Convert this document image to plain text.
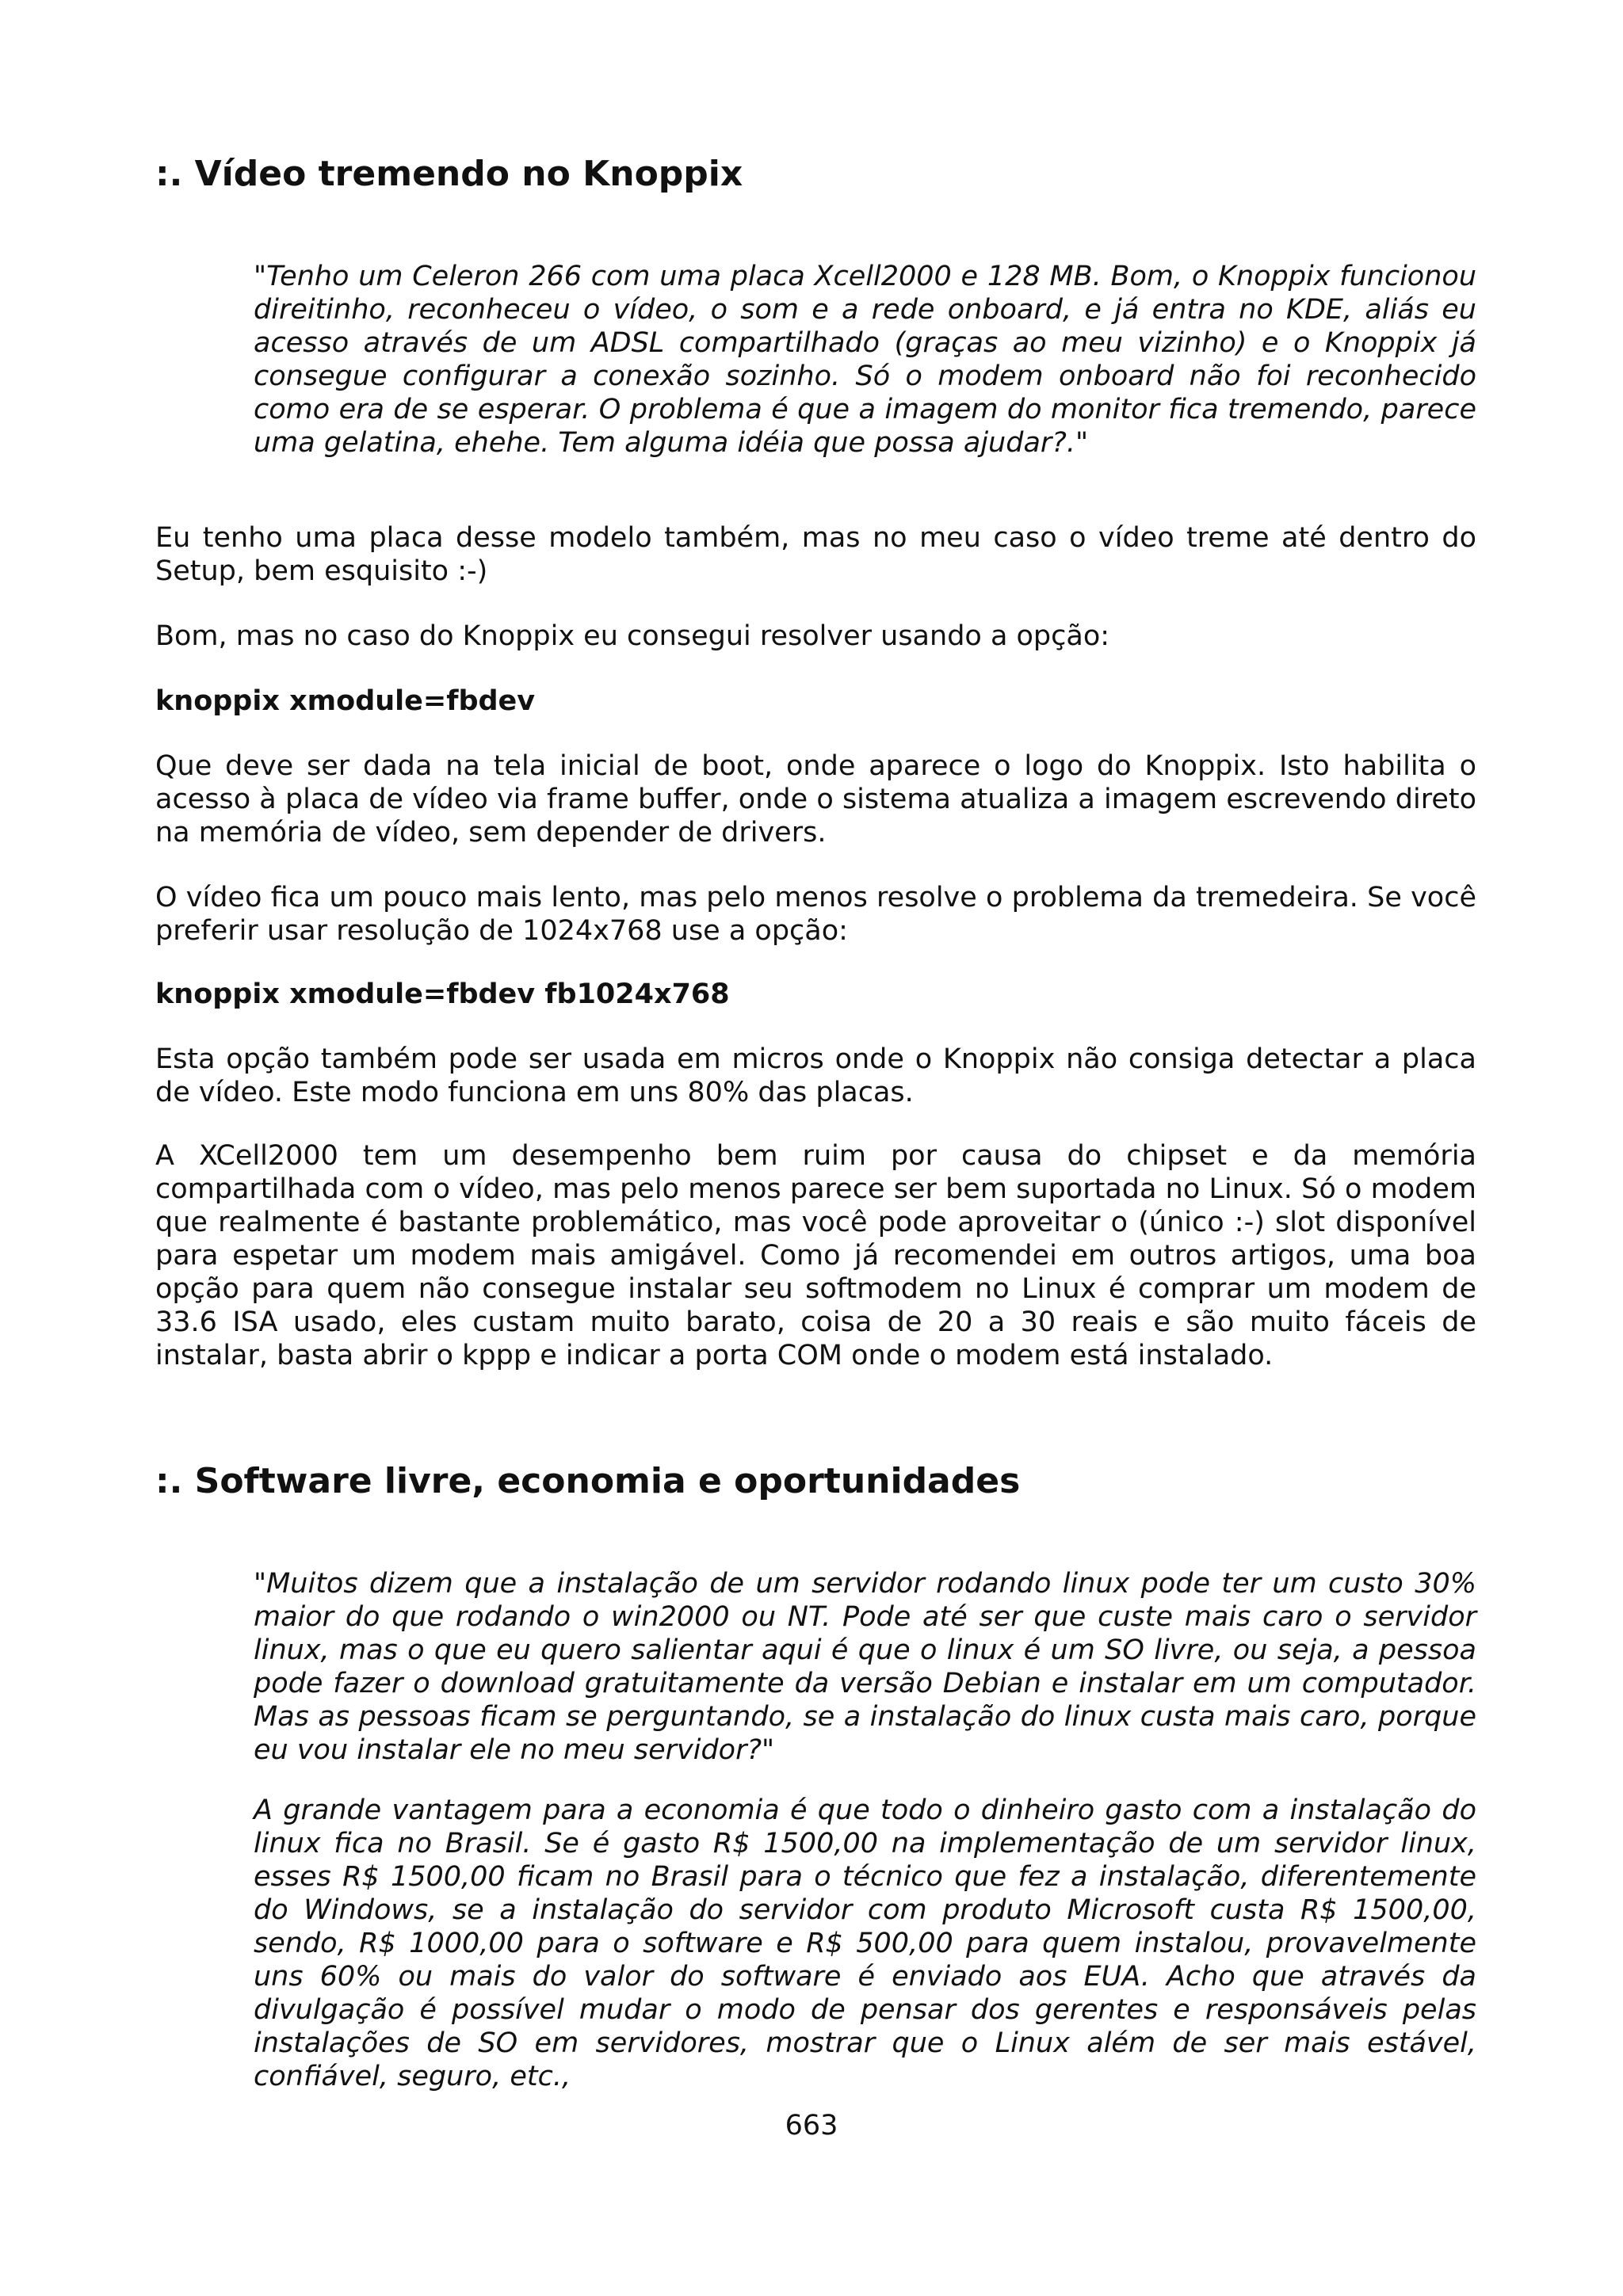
:. Vídeo tremendo no Knoppix

"Tenho um Celeron 266 com uma placa Xcell2000 e 128 MB. Bom, o Knoppix funcionou direitinho, reconheceu o vídeo, o som e a rede onboard, e já entra no KDE, aliás eu acesso através de um ADSL compartilhado (graças ao meu vizinho) e o Knoppix já consegue configurar a conexão sozinho. Só o modem onboard não foi reconhecido como era de se esperar. O problema é que a imagem do monitor fica tremendo, parece uma gelatina, ehehe. Tem alguma idéia que possa ajudar?."

Eu tenho uma placa desse modelo também, mas no meu caso o vídeo treme até dentro do Setup, bem esquisito :-)

Bom, mas no caso do Knoppix eu consegui resolver usando a opção:

knoppix xmodule=fbdev

Que deve ser dada na tela inicial de boot, onde aparece o logo do Knoppix. Isto habilita o acesso à placa de vídeo via frame buffer, onde o sistema atualiza a imagem escrevendo direto na memória de vídeo, sem depender de drivers.

O vídeo fica um pouco mais lento, mas pelo menos resolve o problema da tremedeira. Se você preferir usar resolução de 1024x768 use a opção:

knoppix xmodule=fbdev fb1024x768

Esta opção também pode ser usada em micros onde o Knoppix não consiga detectar a placa de vídeo. Este modo funciona em uns 80% das placas.

A XCell2000 tem um desempenho bem ruim por causa do chipset e da memória compartilhada com o vídeo, mas pelo menos parece ser bem suportada no Linux. Só o modem que realmente é bastante problemático, mas você pode aproveitar o (único :-) slot disponível para espetar um modem mais amigável. Como já recomendei em outros artigos, uma boa opção para quem não consegue instalar seu softmodem no Linux é comprar um modem de 33.6 ISA usado, eles custam muito barato, coisa de 20 a 30 reais e são muito fáceis de instalar, basta abrir o kppp e indicar a porta COM onde o modem está instalado.

:. Software livre, economia e oportunidades

"Muitos dizem que a instalação de um servidor rodando linux pode ter um custo 30% maior do que rodando o win2000 ou NT. Pode até ser que custe mais caro o servidor linux, mas o que eu quero salientar aqui é que o linux é um SO livre, ou seja, a pessoa pode fazer o download gratuitamente da versão Debian e instalar em um computador. Mas as pessoas ficam se perguntando, se a instalação do linux custa mais caro, porque eu vou instalar ele no meu servidor?"

A grande vantagem para a economia é que todo o dinheiro gasto com a instalação do linux fica no Brasil. Se é gasto R$ 1500,00 na implementação de um servidor linux, esses R$ 1500,00 ficam no Brasil para o técnico que fez a instalação, diferentemente do Windows, se a instalação do servidor com produto Microsoft custa R$ 1500,00, sendo, R$ 1000,00 para o software e R$ 500,00 para quem instalou, provavelmente uns 60% ou mais do valor do software é enviado aos EUA. Acho que através da divulgação é possível mudar o modo de pensar dos gerentes e responsáveis pelas instalações de SO em servidores, mostrar que o Linux além de ser mais estável, confiável, seguro, etc.,

663
